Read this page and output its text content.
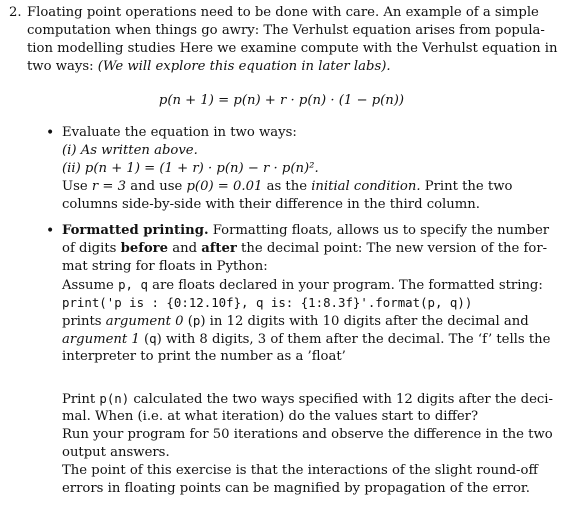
2. Floating point operations need to be done with care. An example of a simple
computation when things go awry: The Verhulst equation arises from popula-
tion modelling studies Here we examine compute with the Verhulst equation in
two ways: (We will explore this equation in later labs).
p(n + 1) = p(n) + r · p(n) · (1 − p(n))
• Evaluate the equation in two ways:
(i) As written above.
(ii) p(n + 1) = (1 + r) · p(n) − r · p(n)².
Use r = 3 and use p(0) = 0.01 as the initial condition. Print the two
columns side-by-side with their difference in the third column.
• Formatted printing. Formatting floats, allows us to specify the number
of digits before and after the decimal point: The new version of the for-
mat string for floats in Python:
Assume p, q are floats declared in your program. The formatted string:
print('p is : {0:12.10f}, q is: {1:8.3f}'.format(p, q))
prints argument 0 (p) in 12 digits with 10 digits after the decimal and
argument 1 (q) with 8 digits, 3 of them after the decimal. The ‘f’ tells the
interpreter to print the number as a ’float’
Print p(n) calculated the two ways specified with 12 digits after the deci-
mal. When (i.e. at what iteration) do the values start to differ?
Run your program for 50 iterations and observe the difference in the two
output answers.
The point of this exercise is that the interactions of the slight round-off
errors in floating points can be magnified by propagation of the error.
